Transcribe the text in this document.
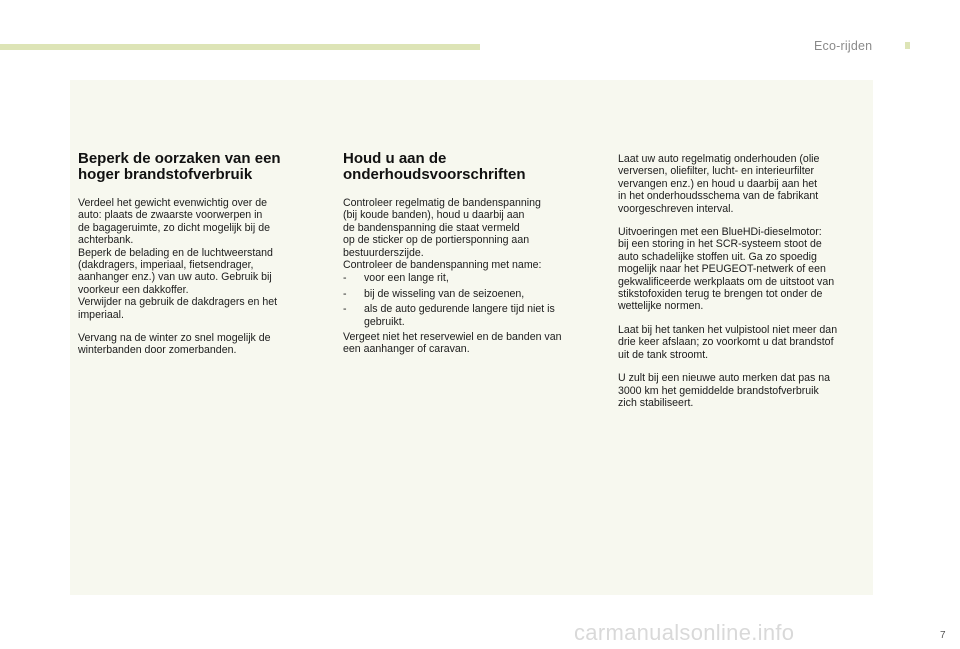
Eco-rijden
Beperk de oorzaken van een
hoger brandstofverbruik

Verdeel het gewicht evenwichtig over de
auto: plaats de zwaarste voorwerpen in
de bagageruimte, zo dicht mogelijk bij de
achterbank.
Beperk de belading en de luchtweerstand
(dakdragers, imperiaal, fietsendrager,
aanhanger enz.) van uw auto. Gebruik bij
voorkeur een dakkoffer.
Verwijder na gebruik de dakdragers en het
imperiaal.

Vervang na de winter zo snel mogelijk de
winterbanden door zomerbanden.

Houd u aan de
onderhoudsvoorschriften

Controleer regelmatig de bandenspanning
(bij koude banden), houd u daarbij aan
de bandenspanning die staat vermeld
op de sticker op de portiersponning aan
bestuurderszijde.
Controleer de bandenspanning met name:

- voor een lange rit,
- bij de wisseling van de seizoenen,
- als de auto gedurende langere tijd niet is
gebruikt.

Vergeet niet het reservewiel en de banden van
een aanhanger of caravan.

Laat uw auto regelmatig onderhouden (olie
verversen, oliefilter, lucht- en interieurfilter
vervangen enz.) en houd u daarbij aan het
in het onderhoudsschema van de fabrikant
voorgeschreven interval.

Uitvoeringen met een BlueHDi-dieselmotor:
bij een storing in het SCR-systeem stoot de
auto schadelijke stoffen uit. Ga zo spoedig
mogelijk naar het PEUGEOT-netwerk of een
gekwalificeerde werkplaats om de uitstoot van
stikstofoxiden terug te brengen tot onder de
wettelijke normen.

Laat bij het tanken het vulpistool niet meer dan
drie keer afslaan; zo voorkomt u dat brandstof
uit de tank stroomt.

U zult bij een nieuwe auto merken dat pas na
3000 km het gemiddelde brandstofverbruik
zich stabiliseert.

7
carmanualsonline.info
